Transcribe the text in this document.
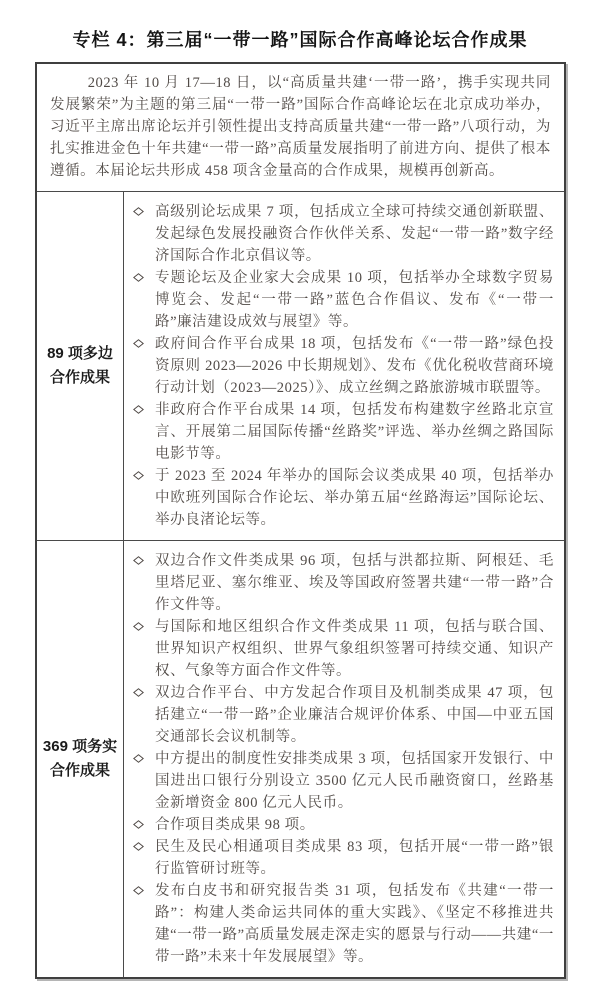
专栏 4：第三届“一带一路”国际合作高峰论坛合作成果

2023 年 10 月 17—18 日，以“高质量共建‘一带一路’，携手实现共同发展繁荣”为主题的第三届“一带一路”国际合作高峰论坛在北京成功举办，习近平主席出席论坛并引领性提出支持高质量共建“一带一路”八项行动，为扎实推进金色十年共建“一带一路”高质量发展指明了前进方向、提供了根本遵循。本届论坛共形成 458 项含金量高的合作成果，规模再创新高。

89 项多边
合作成果
高级别论坛成果 7 项，包括成立全球可持续交通创新联盟、发起绿色发展投融资合作伙伴关系、发起“一带一路”数字经济国际合作北京倡议等。
专题论坛及企业家大会成果 10 项，包括举办全球数字贸易博览会、发起“一带一路”蓝色合作倡议、发布《“一带一路”廉洁建设成效与展望》等。
政府间合作平台成果 18 项，包括发布《“一带一路”绿色投资原则 2023—2026 中长期规划》、发布《优化税收营商环境行动计划（2023—2025）》、成立丝绸之路旅游城市联盟等。
非政府合作平台成果 14 项，包括发布构建数字丝路北京宣言、开展第二届国际传播“丝路奖”评选、举办丝绸之路国际电影节等。
于 2023 至 2024 年举办的国际会议类成果 40 项，包括举办中欧班列国际合作论坛、举办第五届“丝路海运”国际论坛、举办良渚论坛等。
369 项务实
合作成果
双边合作文件类成果 96 项，包括与洪都拉斯、阿根廷、毛里塔尼亚、塞尔维亚、埃及等国政府签署共建“一带一路”合作文件等。
与国际和地区组织合作文件类成果 11 项，包括与联合国、世界知识产权组织、世界气象组织签署可持续交通、知识产权、气象等方面合作文件等。
双边合作平台、中方发起合作项目及机制类成果 47 项，包括建立“一带一路”企业廉洁合规评价体系、中国—中亚五国交通部长会议机制等。
中方提出的制度性安排类成果 3 项，包括国家开发银行、中国进出口银行分别设立 3500 亿元人民币融资窗口，丝路基金新增资金 800 亿元人民币。
合作项目类成果 98 项。
民生及民心相通项目类成果 83 项，包括开展“一带一路”银行监管研讨班等。
发布白皮书和研究报告类 31 项，包括发布《共建“一带一路”：构建人类命运共同体的重大实践》、《坚定不移推进共建“一带一路”高质量发展走深走实的愿景与行动——共建“一带一路”未来十年发展展望》等。
